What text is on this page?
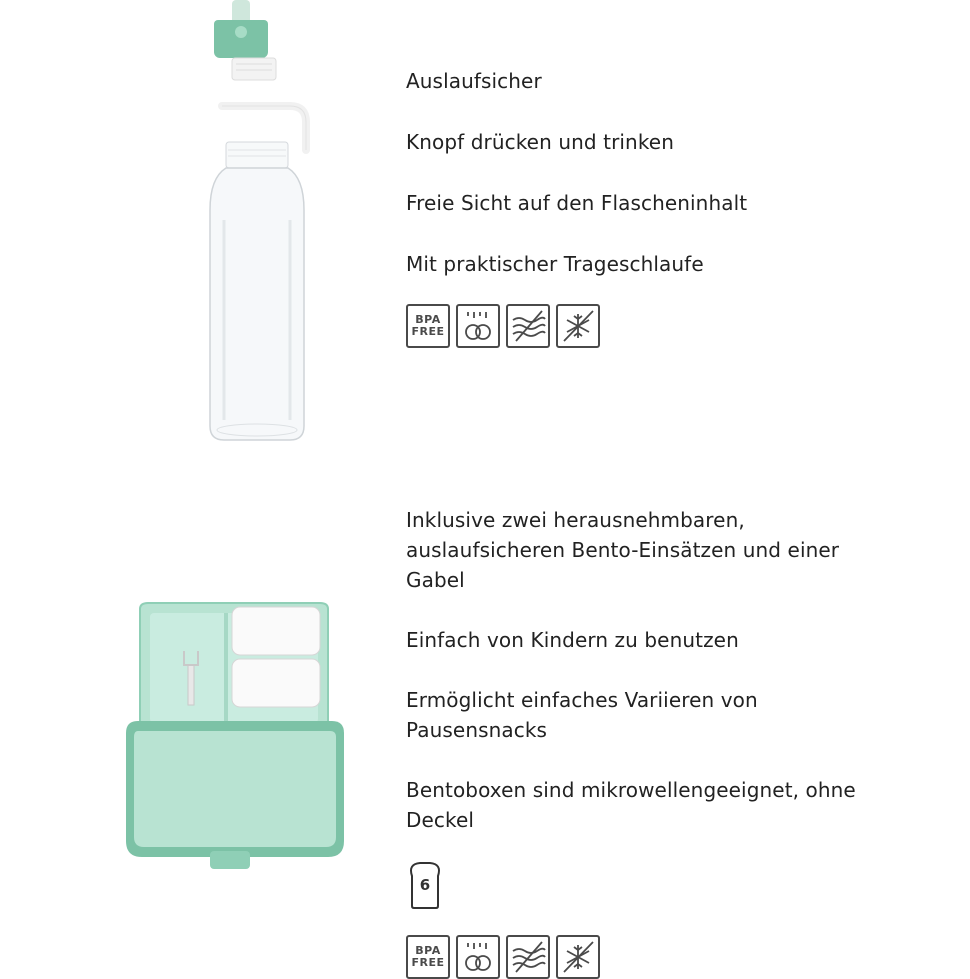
Auslaufsicher
Knopf drücken und trinken
Freie Sicht auf den Flascheninhalt
Mit praktischer Trageschlaufe
BPA
FREE
Inklusive zwei herausnehmbaren, auslaufsicheren Bento-Einsätzen und einer Gabel
Einfach von Kindern zu benutzen
Ermöglicht einfaches Variieren von Pausensnacks
Bentoboxen sind mikrowellengeeignet, ohne Deckel
6
BPA
FREE
